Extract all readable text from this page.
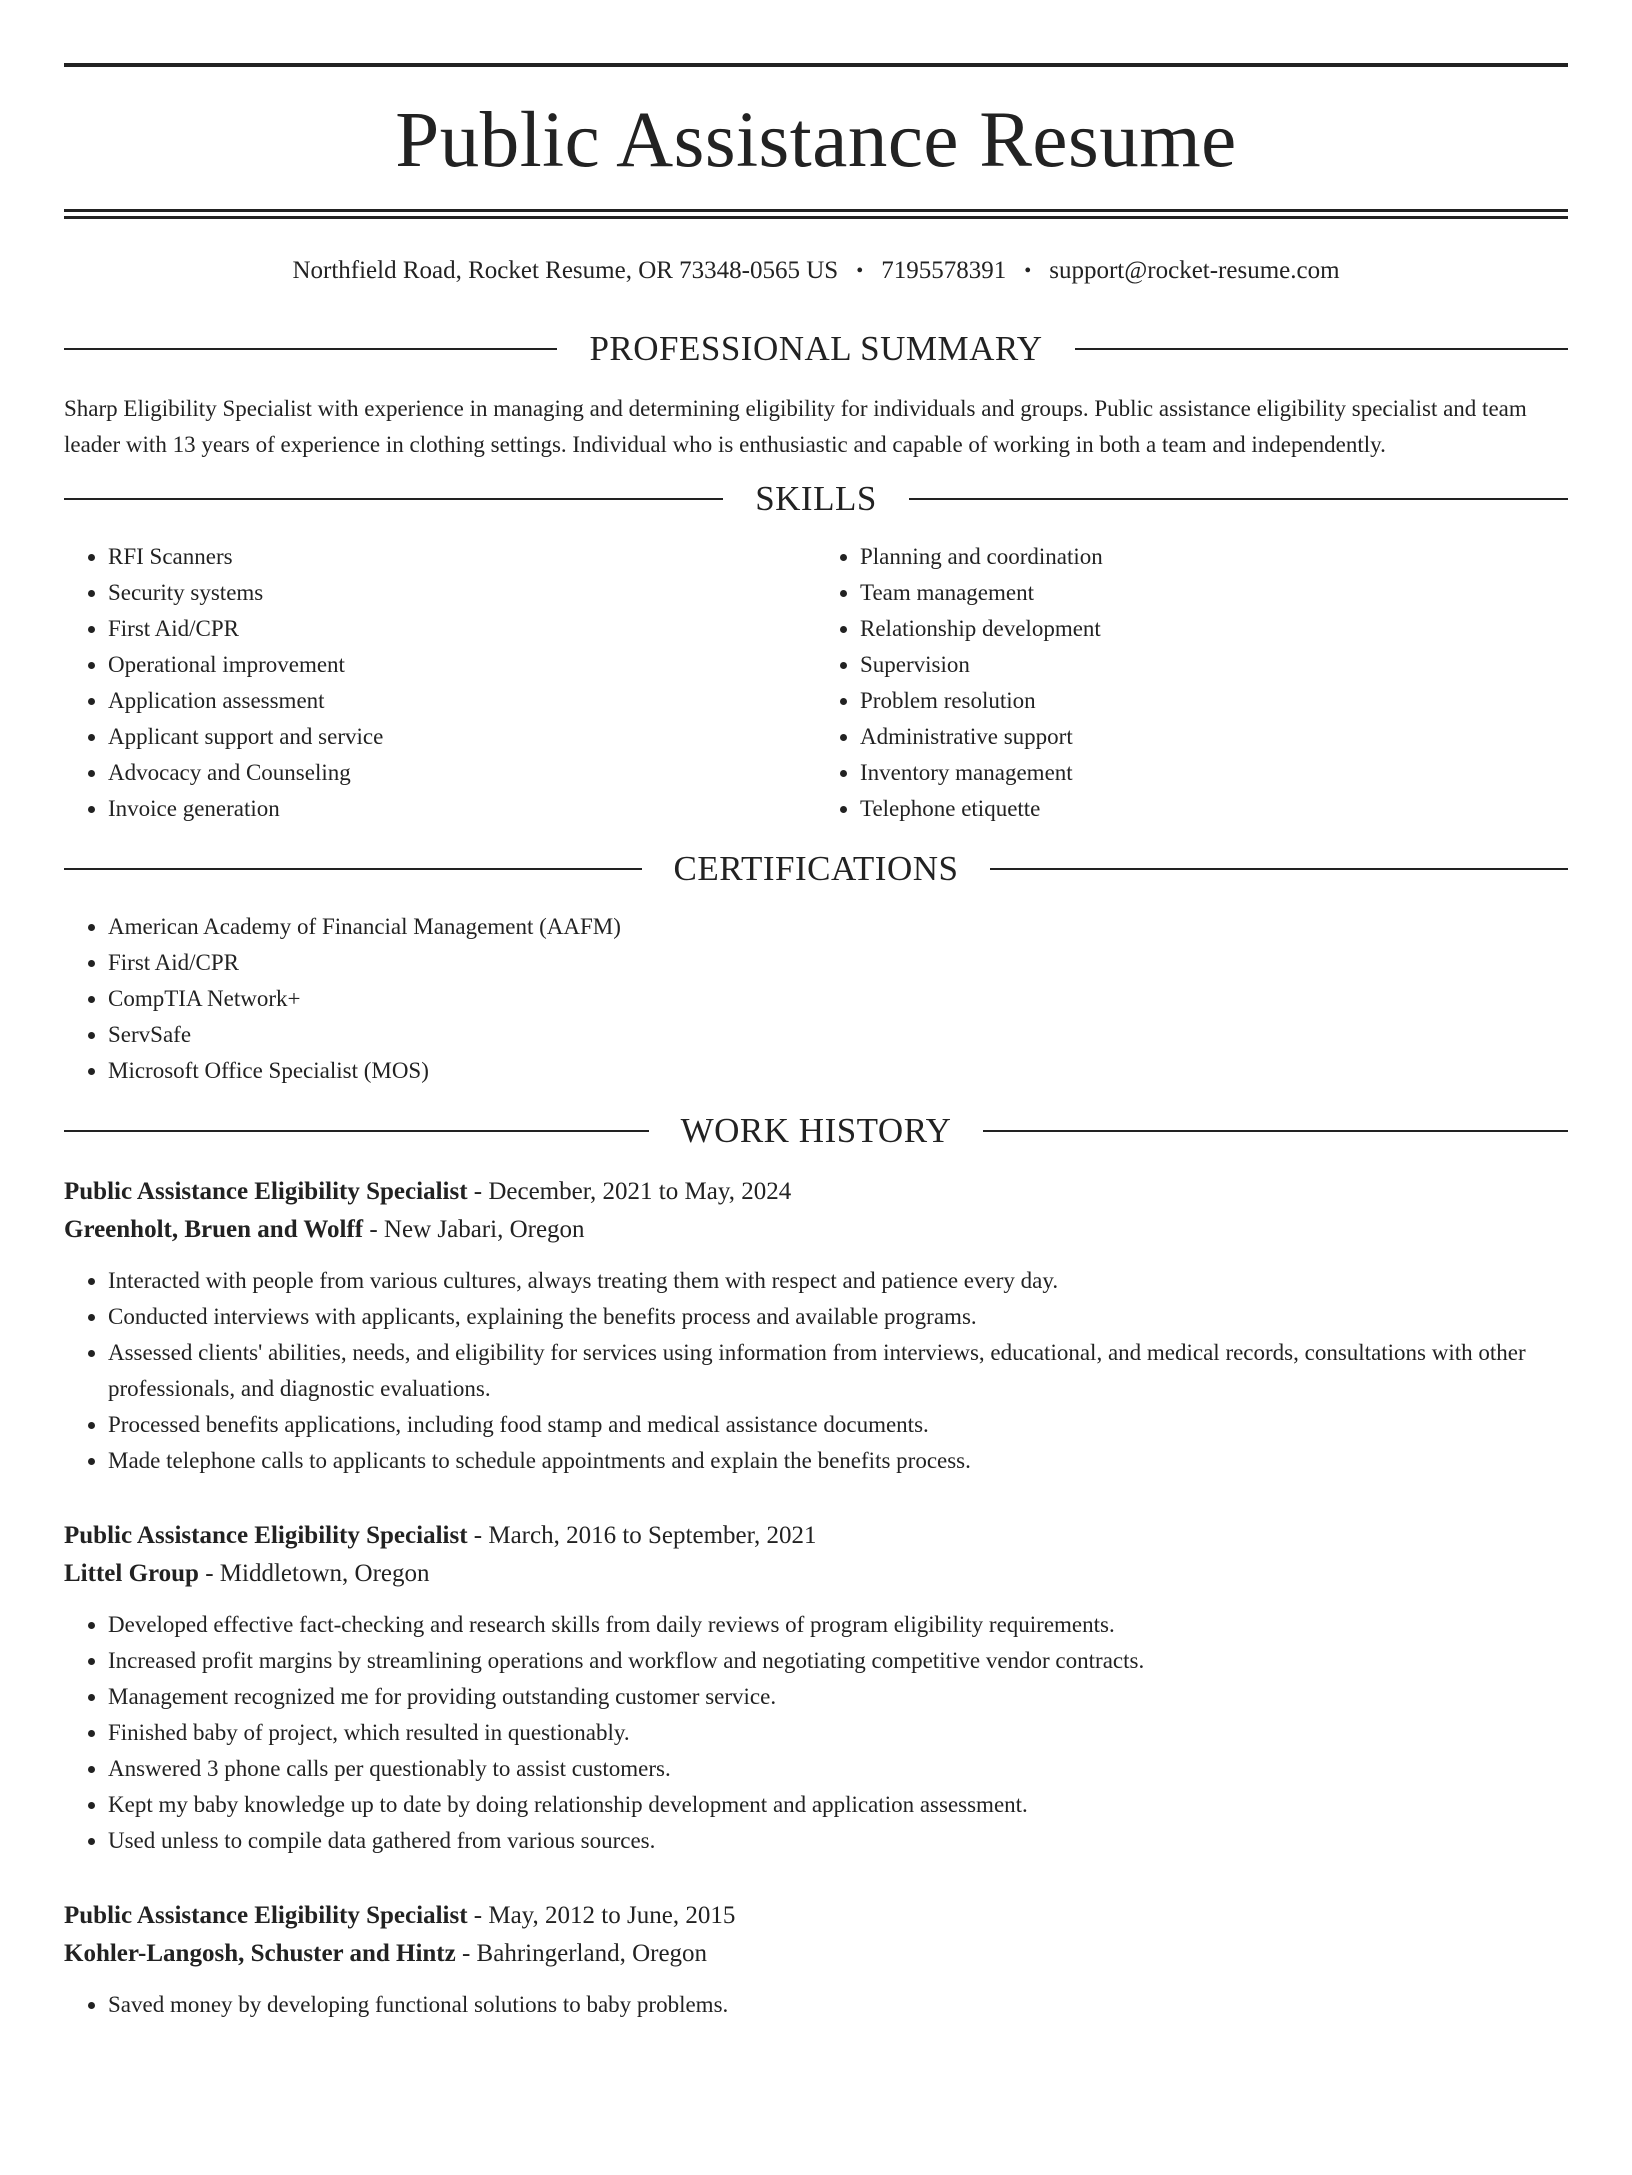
Public Assistance Resume
Northfield Road, Rocket Resume, OR 73348-0565 US • 7195578391 • support@rocket-resume.com
PROFESSIONAL SUMMARY

Sharp Eligibility Specialist with experience in managing and determining eligibility for individuals and groups. Public assistance eligibility specialist and team leader with 13 years of experience in clothing settings. Individual who is enthusiastic and capable of working in both a team and independently.

SKILLS
• RFI Scanners
• Security systems
• First Aid/CPR
• Operational improvement
• Application assessment
• Applicant support and service
• Advocacy and Counseling
• Invoice generation
• Planning and coordination
• Team management
• Relationship development
• Supervision
• Problem resolution
• Administrative support
• Inventory management
• Telephone etiquette
CERTIFICATIONS
• American Academy of Financial Management (AAFM)
• First Aid/CPR
• CompTIA Network+
• ServSafe
• Microsoft Office Specialist (MOS)
WORK HISTORY
Public Assistance Eligibility Specialist - December, 2021 to May, 2024
Greenholt, Bruen and Wolff - New Jabari, Oregon
• Interacted with people from various cultures, always treating them with respect and patience every day.
• Conducted interviews with applicants, explaining the benefits process and available programs.
• Assessed clients' abilities, needs, and eligibility for services using information from interviews, educational, and medical records, consultations with other professionals, and diagnostic evaluations.
• Processed benefits applications, including food stamp and medical assistance documents.
• Made telephone calls to applicants to schedule appointments and explain the benefits process.
Public Assistance Eligibility Specialist - March, 2016 to September, 2021
Littel Group - Middletown, Oregon
• Developed effective fact-checking and research skills from daily reviews of program eligibility requirements.
• Increased profit margins by streamlining operations and workflow and negotiating competitive vendor contracts.
• Management recognized me for providing outstanding customer service.
• Finished baby of project, which resulted in questionably.
• Answered 3 phone calls per questionably to assist customers.
• Kept my baby knowledge up to date by doing relationship development and application assessment.
• Used unless to compile data gathered from various sources.
Public Assistance Eligibility Specialist - May, 2012 to June, 2015
Kohler-Langosh, Schuster and Hintz - Bahringerland, Oregon
• Saved money by developing functional solutions to baby problems.
